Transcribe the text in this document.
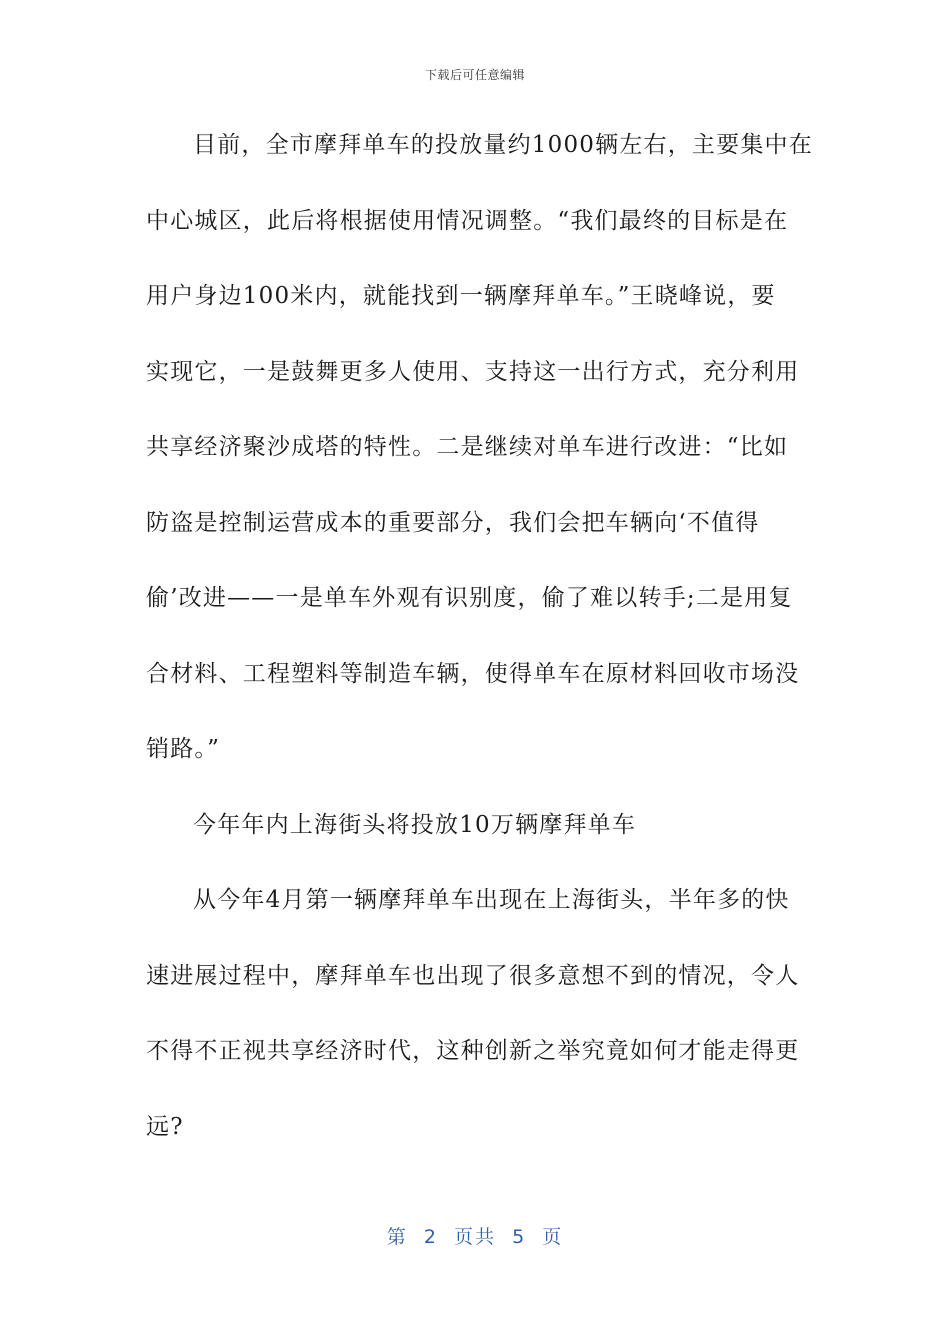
下载后可任意编辑
目前，全市摩拜单车的投放量约1000辆左右，主要集中在
中心城区，此后将根据使用情况调整。“我们最终的目标是在
用户身边100米内，就能找到一辆摩拜单车。”王晓峰说，要
实现它，一是鼓舞更多人使用、支持这一出行方式，充分利用
共享经济聚沙成塔的特性。二是继续对单车进行改进：“比如
防盗是控制运营成本的重要部分，我们会把车辆向‘不值得
偷’改进——一是单车外观有识别度，偷了难以转手;二是用复
合材料、工程塑料等制造车辆，使得单车在原材料回收市场没
销路。”
今年年内上海街头将投放10万辆摩拜单车
从今年4月第一辆摩拜单车出现在上海街头，半年多的快
速进展过程中，摩拜单车也出现了很多意想不到的情况，令人
不得不正视共享经济时代，这种创新之举究竟如何才能走得更
远?
第  2  页共  5  页
